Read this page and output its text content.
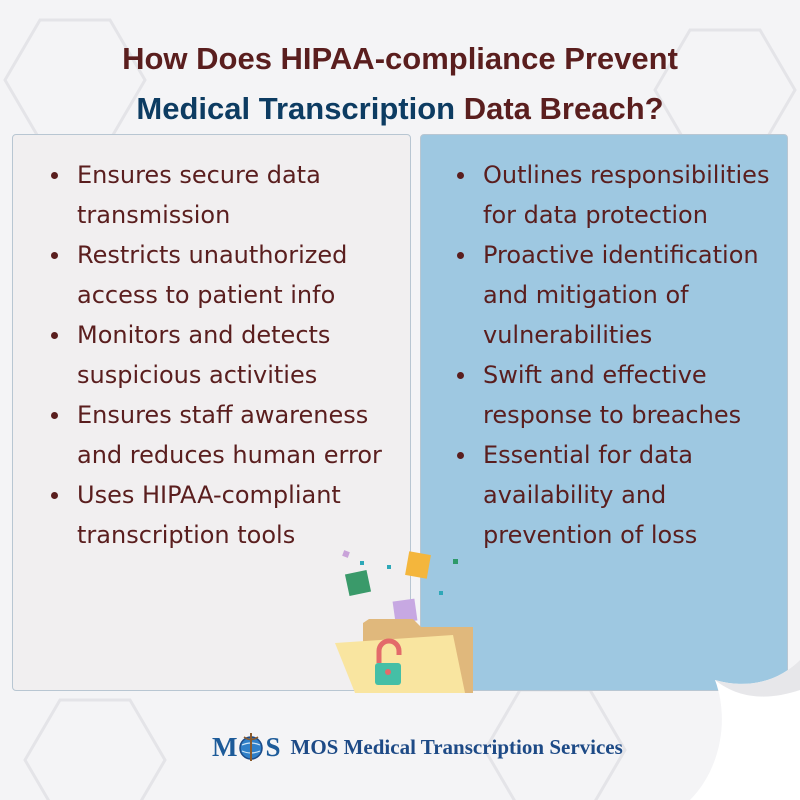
How Does HIPAA-compliance Prevent
Medical Transcription Data Breach?
Ensures secure data transmission
Restricts unauthorized access to patient info
Monitors and detects suspicious activities
Ensures staff awareness and reduces human error
Uses HIPAA-compliant transcription tools
Outlines responsibilities for data protection
Proactive identification and mitigation of vulnerabilities
Swift and effective response to breaches
Essential for data availability and prevention of loss
M S MOS Medical Transcription Services
